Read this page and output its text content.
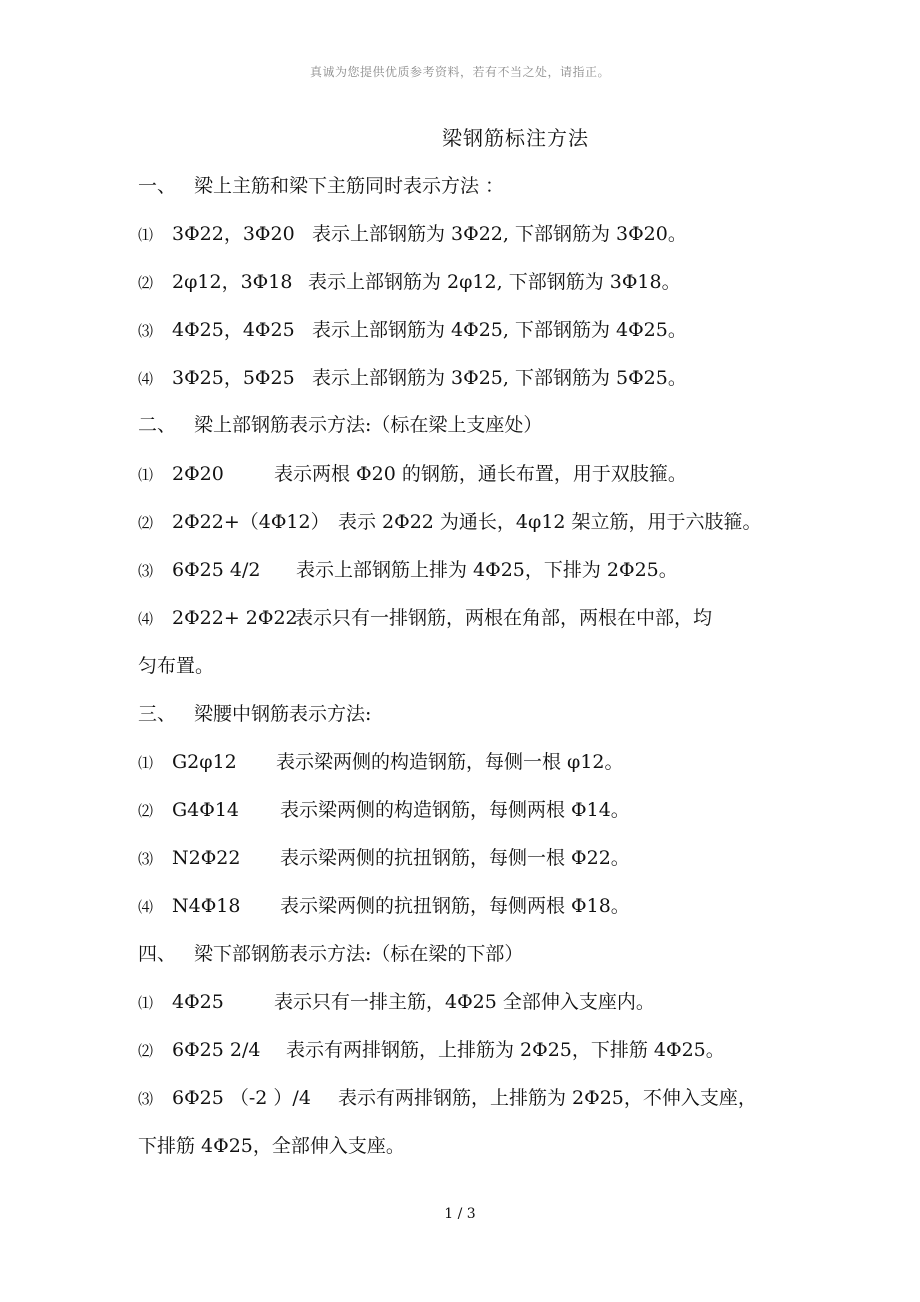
真诚为您提供优质参考资料，若有不当之处，请指正。
梁钢筋标注方法
一、 梁上主筋和梁下主筋同时表示方法 ：
⑴ 3Φ22，3Φ20 表示上部钢筋为 3Φ22, 下部钢筋为 3Φ20。
⑵ 2φ12，3Φ18 表示上部钢筋为 2φ12, 下部钢筋为 3Φ18。
⑶ 4Φ25，4Φ25 表示上部钢筋为 4Φ25, 下部钢筋为 4Φ25。
⑷ 3Φ25，5Φ25 表示上部钢筋为 3Φ25, 下部钢筋为 5Φ25。
二、 梁上部钢筋表示方法:（标在梁上支座处）
⑴ 2Φ20	表示两根 Φ20 的钢筋，通长布置，用于双肢箍。
⑵ 2Φ22+（4Φ12） 表示 2Φ22 为通长，4φ12 架立筋，用于六肢箍。
⑶ 6Φ25 4/2 表示上部钢筋上排为 4Φ25，下排为 2Φ25。
⑷ 2Φ22+ 2Φ22表示只有一排钢筋，两根在角部，两根在中部，均
匀布置。
三、 梁腰中钢筋表示方法:
⑴ G2φ12 表示梁两侧的构造钢筋，每侧一根 φ12。
⑵ G4Φ14 表示梁两侧的构造钢筋，每侧两根 Φ14。
⑶ N2Φ22 表示梁两侧的抗扭钢筋，每侧一根 Φ22。
⑷ N4Φ18 表示梁两侧的抗扭钢筋，每侧两根 Φ18。
四、 梁下部钢筋表示方法:（标在梁的下部）
⑴ 4Φ25	表示只有一排主筋，4Φ25 全部伸入支座内。
⑵ 6Φ25 2/4 表示有两排钢筋，上排筋为 2Φ25，下排筋 4Φ25。
⑶ 6Φ25 （-2 ）/4 表示有两排钢筋，上排筋为 2Φ25，不伸入支座，
下排筋 4Φ25，全部伸入支座。
1 / 3
